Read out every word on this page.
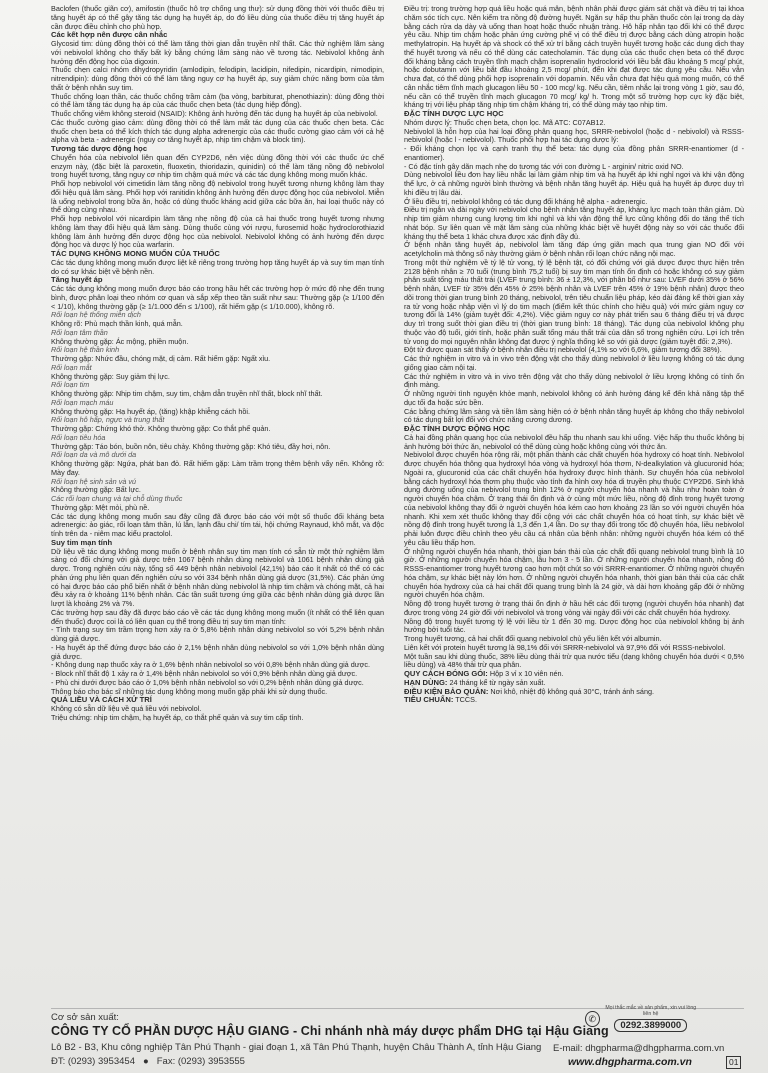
Baclofen (thuốc giãn cơ), amifostin (thuốc hỗ trợ chống ung thư): sử dụng đồng thời với thuốc điều trị tăng huyết áp có thể gây tăng tác dụng hạ huyết áp, do đó liều dùng của thuốc điều trị tăng huyết áp cần được điều chỉnh cho phù hợp.

Các kết hợp nên được cân nhắc

Glycosid tim: dùng đồng thời có thể làm tăng thời gian dẫn truyền nhĩ thất. Các thử nghiệm lâm sàng với nebivolol không cho thấy bất kỳ bằng chứng lâm sàng nào về tương tác. Nebivolol không ảnh hưởng đến động học của digoxin.

Thuốc chẹn calci nhóm dihydropyridin (amlodipin, felodipin, lacidipin, nifedipin, nicardipin, nimodipin, nitrendipin): dùng đồng thời có thể làm tăng nguy cơ hạ huyết áp, suy giảm chức năng bơm của tâm thất ở bệnh nhân suy tim.

Thuốc chống loạn thần, các thuốc chống trầm cảm (ba vòng, barbiturat, phenothiazin): dùng đồng thời có thể làm tăng tác dụng hạ áp của các thuốc chẹn beta (tác dụng hiệp đồng).

Thuốc chống viêm không steroid (NSAID): Không ảnh hưởng đến tác dụng hạ huyết áp của nebivolol.

Các thuốc cường giao cảm: dùng đồng thời có thể làm mất tác dụng của các thuốc chẹn beta. Các thuốc chẹn beta có thể kích thích tác dụng alpha adrenergic của các thuốc cường giao cảm với cả hệ alpha và beta - adrenergic (nguy cơ tăng huyết áp, nhịp tim chậm và block tim).

Tương tác dược động học

Chuyển hóa của nebivolol liên quan đến CYP2D6, nên việc dùng đồng thời với các thuốc ức chế enzym này, (đặc biệt là paroxetin, fluoxetin, thioridazin, quinidin) có thể làm tăng nồng độ nebivolol trong huyết tương, tăng nguy cơ nhịp tim chậm quá mức và các tác dụng không mong muốn khác.

Phối hợp nebivolol với cimetidin làm tăng nồng độ nebivolol trong huyết tương nhưng không làm thay đổi hiệu quả lâm sàng. Phối hợp với ranitidin không ảnh hưởng đến dược động học của nebivolol. Miễn là uống nebivolol trong bữa ăn, hoặc có dùng thuốc kháng acid giữa các bữa ăn, hai loại thuốc này có thể dùng cùng nhau.

Phối hợp nebivolol với nicardipin làm tăng nhẹ nồng độ của cả hai thuốc trong huyết tương nhưng không làm thay đổi hiệu quả lâm sàng. Dùng thuốc cùng với rượu, furosemid hoặc hydroclorothiazid không làm ảnh hưởng đến dược động học của nebivolol. Nebivolol không có ảnh hưởng đến dược động học và dược lý học của warfarin.

TÁC DỤNG KHÔNG MONG MUỐN CỦA THUỐC

Các tác dụng không mong muốn được liệt kê riêng trong trường hợp tăng huyết áp và suy tim mạn tính do có sự khác biệt về bệnh nền.

Tăng huyết áp

Các tác dụng không mong muốn được báo cáo trong hầu hết các trường hợp ở mức độ nhẹ đến trung bình, được phân loại theo nhóm cơ quan và sắp xếp theo tần suất như sau: Thường gặp (≥ 1/100 đến < 1/10), không thường gặp (≥ 1/1.000 đến ≤ 1/100), rất hiếm gặp (≤ 1/10.000), không rõ.

Rối loạn hệ thống miễn dịch

Không rõ: Phù mạch thần kinh, quá mẫn.

Rối loạn tâm thần

Không thường gặp: Ác mộng, phiền muộn.

Rối loạn hệ thần kinh

Thường gặp: Nhức đầu, chóng mặt, dị cảm. Rất hiếm gặp: Ngất xỉu.

Rối loạn mắt

Không thường gặp: Suy giảm thị lực.

Rối loạn tim

Không thường gặp: Nhịp tim chậm, suy tim, chậm dẫn truyền nhĩ thất, block nhĩ thất.

Rối loạn mạch máu

Không thường gặp: Hạ huyết áp, (tăng) khập khiễng cách hồi.

Rối loạn hô hấp, ngực và trung thất

Thường gặp: Chứng khó thở. Không thường gặp: Co thắt phế quản.

Rối loạn tiêu hóa

Thường gặp: Táo bón, buồn nôn, tiêu chảy. Không thường gặp: Khó tiêu, đầy hơi, nôn.

Rối loạn da và mô dưới da

Không thường gặp: Ngứa, phát ban đỏ. Rất hiếm gặp: Làm trầm trọng thêm bệnh vẩy nến. Không rõ: Mày đay.

Rối loạn hệ sinh sản và vú

Không thường gặp: Bất lực.

Các rối loạn chung và tại chỗ dùng thuốc

Thường gặp: Mệt mỏi, phù nề.

Các tác dụng không mong muốn sau đây cũng đã được báo cáo với một số thuốc đối kháng beta adrenergic: ảo giác, rối loạn tâm thần, lú lẫn, lạnh đầu chi/ tím tái, hội chứng Raynaud, khô mắt, và độc tính trên da - niêm mạc kiểu practolol.

Suy tim mạn tính

Dữ liệu về tác dụng không mong muốn ở bệnh nhân suy tim mạn tính có sẵn từ một thử nghiệm lâm sàng có đối chứng với giả dược trên 1067 bệnh nhân dùng nebivolol và 1061 bệnh nhân dùng giả dược. Trong nghiên cứu này, tổng số 449 bệnh nhân nebivolol (42,1%) báo cáo ít nhất có thể có các phản ứng phụ liên quan đến nghiên cứu so với 334 bệnh nhân dùng giả dược (31,5%). Các phản ứng có hại được báo cáo phổ biến nhất ở bệnh nhân dùng nebivolol là nhịp tim chậm và chóng mặt, cả hai đều xảy ra ở khoảng 11% bệnh nhân. Các tần suất tương ứng giữa các bệnh nhân dùng giả dược lần lượt là khoảng 2% và 7%.

Các trường hợp sau đây đã được báo cáo về các tác dụng không mong muốn (ít nhất có thể liên quan đến thuốc) được coi là có liên quan cụ thể trong điều trị suy tim mạn tính:

- Tình trạng suy tim trầm trọng hơn xảy ra ở 5,8% bệnh nhân dùng nebivolol so với 5,2% bệnh nhân dùng giả dược.

- Hạ huyết áp thế đứng được báo cáo ở 2,1% bệnh nhân dùng nebivolol so với 1,0% bệnh nhân dùng giả dược.

- Không dung nạp thuốc xảy ra ở 1,6% bệnh nhân nebivolol so với 0,8% bệnh nhân dùng giả dược.

- Block nhĩ thất độ 1 xảy ra ở 1,4% bệnh nhân nebivolol so với 0,9% bệnh nhân dùng giả dược.

- Phù chi dưới được báo cáo ở 1,0% bệnh nhân nebivolol so với 0,2% bệnh nhân dùng giả dược.

Thông báo cho bác sĩ những tác dụng không mong muốn gặp phải khi sử dụng thuốc.

QUÁ LIỀU VÀ CÁCH XỬ TRÍ

Không có sẵn dữ liệu về quá liều với nebivolol.

Triệu chứng: nhịp tim chậm, hạ huyết áp, co thắt phế quản và suy tim cấp tính.

Điều trị: trong trường hợp quá liều hoặc quá mẫn, bệnh nhân phải được giám sát chặt và điều trị tại khoa chăm sóc tích cực. Nên kiểm tra nồng độ đường huyết. Ngăn sự hấp thu phần thuốc còn lại trong dạ dày bằng cách rửa dạ dày và uống than hoạt hoặc thuốc nhuận tràng. Hô hấp nhân tạo đối khi có thể được yêu cầu. Nhịp tim chậm hoặc phản ứng cường phế vị có thể điều trị được bằng cách dùng atropin hoặc methylatropin. Hạ huyết áp và shock có thể xử trí bằng cách truyền huyết tương hoặc các dung dịch thay thế huyết tương và nếu có thể dùng các catecholamin. Tác dụng của các thuốc chẹn beta có thể được đối kháng bằng cách truyền tĩnh mạch chậm isoprenalin hydroclorid với liều bắt đầu khoảng 5 mcg/ phút, hoặc dobutamin với liều bắt đầu khoảng 2,5 mcg/ phút, đến khi đạt được tác dụng yêu cầu. Nếu vẫn chưa đạt, có thể dùng phối hợp isoprenalin với dopamin. Nếu vẫn chưa đạt hiệu quả mong muốn, có thể cân nhắc tiêm tĩnh mạch glucagon liều 50 - 100 mcg/ kg. Nếu cần, tiêm nhắc lại trong vòng 1 giờ, sau đó, nếu cần có thể truyền tĩnh mạch glucagon 70 mcg/ kg/ h. Trong một số trường hợp cực kỳ đặc biệt, kháng trị với liệu pháp tăng nhịp tim chậm kháng trị, có thể dùng máy tạo nhịp tim.

ĐẶC TÍNH DƯỢC LỰC HỌC

Nhóm dược lý: Thuốc chẹn beta, chọn lọc. Mã ATC: C07AB12.

Nebivolol là hỗn hợp của hai loại đồng phân quang học, SRRR-nebivolol (hoặc d - nebivolol) và RSSS-nebivolol (hoặc l - nebivolol). Thuốc phối hợp hai tác dụng dược lý:

- Đối kháng chọn lọc và cạnh tranh thụ thể beta: tác dụng của đồng phân SRRR-enantiomer (d - enantiomer).

- Có đặc tính gây dãn mạch nhẹ do tương tác với con đường L - arginin/ nitric oxid NO.

Dùng nebivolol liều đơn hay liều nhắc lại làm giảm nhịp tim và hạ huyết áp khi nghỉ ngơi và khi vận động thể lực, ở cả những người bình thường và bệnh nhân tăng huyết áp. Hiệu quả hạ huyết áp được duy trì khi điều trị lâu dài.

Ở liều điều trị, nebivolol không có tác dụng đối kháng hệ alpha - adrenergic.

Điều trị ngắn và dài ngày với nebivolol cho bệnh nhân tăng huyết áp, kháng lực mạch toàn thân giảm. Dù nhịp tim giảm nhưng cung lượng tim khi nghỉ và khi vận động thể lực cũng không đổi do tăng thể tích nhát bóp. Sự liên quan về mặt lâm sàng của những khác biệt về huyết động này so với các thuốc đối kháng thụ thể beta 1 khác chưa được xác định đầy đủ.

Ở bệnh nhân tăng huyết áp, nebivolol làm tăng đáp ứng giãn mạch qua trung gian NO đối với acetylcholin mà thông số này thường giảm ở bệnh nhân rối loạn chức năng nội mạc.

Trong một thử nghiệm về tỷ lệ tử vong, tỷ lệ bệnh tật, có đối chứng với giả dược được thực hiện trên 2128 bệnh nhân ≥ 70 tuổi (trung bình 75,2 tuổi) bị suy tim mạn tính ổn định có hoặc không có suy giảm phân suất tống máu thất trái (LVEF trung bình: 36 ± 12,3%, với phân bố như sau: LVEF dưới 35% ở 56% bệnh nhân, LVEF từ 35% đến 45% ở 25% bệnh nhân và LVEF trên 45% ở 19% bệnh nhân) được theo dõi trong thời gian trung bình 20 tháng, nebivolol, trên tiêu chuẩn liệu pháp, kéo dài đáng kể thời gian xảy ra tử vong hoặc nhập viện vì lý do tim mạch (điểm kết thúc chính cho hiệu quả) với mức giảm nguy cơ tương đối là 14% (giảm tuyệt đối: 4,2%). Việc giảm nguy cơ này phát triển sau 6 tháng điều trị và được duy trì trong suốt thời gian điều trị (thời gian trung bình: 18 tháng). Tác dụng của nebivolol không phụ thuộc vào độ tuổi, giới tính, hoặc phân suất tống máu thất trái của dân số trong nghiên cứu. Lợi ích trên tử vong do mọi nguyên nhân không đạt được ý nghĩa thống kê so với giả dược (giảm tuyệt đối: 2,3%).

Đột tử được quan sát thấy ở bệnh nhân điều trị nebivolol (4,1% so với 6,6%, giảm tương đối 38%).

Các thử nghiệm in vitro và in vivo trên động vật cho thấy dùng nebivolol ở liều lượng không có tác dụng giống giao cảm nội tại.

Các thử nghiệm in vitro và in vivo trên động vật cho thấy dùng nebivolol ở liều lượng không có tính ổn định màng.

Ở những người tình nguyện khỏe mạnh, nebivolol không có ảnh hưởng đáng kể đến khả năng tập thể dục tối đa hoặc sức bền.

Các bằng chứng lâm sàng và tiền lâm sàng hiện có ở bệnh nhân tăng huyết áp không cho thấy nebivolol có tác dụng bất lợi đối với chức năng cương dương.

ĐẶC TÍNH DƯỢC ĐỘNG HỌC

Cả hai đồng phân quang học của nebivolol đều hấp thu nhanh sau khi uống. Việc hấp thu thuốc không bị ảnh hưởng bởi thức ăn, nebivolol có thể dùng cùng hoặc không cùng với thức ăn.

Nebivolol được chuyển hóa rộng rãi, một phần thành các chất chuyển hóa hydroxy có hoạt tính. Nebivolol được chuyển hóa thông qua hydroxyl hóa vòng và hydroxyl hóa thơm, N-dealkylation và glucuronid hóa; Ngoài ra, glucuronid của các chất chuyển hóa hydroxy được hình thành. Sự chuyển hóa của nebivolol bằng cách hydroxyl hóa thơm phụ thuộc vào tính đa hình oxy hóa di truyền phụ thuộc CYP2D6. Sinh khả dụng đường uống của nebivolol trung bình 12% ở người chuyển hóa nhanh và hầu như hoàn toàn ở người chuyển hóa chậm. Ở trạng thái ổn định và ở cùng một mức liều, nồng độ đỉnh trong huyết tương của nebivolol không thay đổi ở người chuyển hóa kém cao hơn khoảng 23 lần so với người chuyển hóa nhanh. Khi xem xét thuốc không thay đổi cộng với các chất chuyển hóa có hoạt tính, sự khác biệt về nồng độ đỉnh trong huyết tương là 1,3 đến 1,4 lần. Do sự thay đổi trong tốc độ chuyển hóa, liều nebivolol phải luôn được điều chỉnh theo yêu cầu cá nhân của bệnh nhân: những người chuyển hóa kém có thể yêu cầu liều thấp hơn.

Ở những người chuyển hóa nhanh, thời gian bán thải của các chất đối quang nebivolol trung bình là 10 giờ. Ở những người chuyển hóa chậm, lâu hơn 3 - 5 lần. Ở những người chuyển hóa nhanh, nồng độ RSSS-enantiomer trong huyết tương cao hơn một chút so với SRRR-enantiomer. Ở những người chuyển hóa chậm, sự khác biệt này lớn hơn. Ở những người chuyển hóa nhanh, thời gian bán thải của các chất chuyển hóa hydroxy của cả hai chất đối quang trung bình là 24 giờ, và dài hơn khoảng gấp đôi ở những người chuyển hóa chậm.

Nồng độ trong huyết tương ở trạng thái ổn định ở hầu hết các đối tượng (người chuyển hóa nhanh) đạt được trong vòng 24 giờ đối với nebivolol và trong vòng vài ngày đối với các chất chuyển hóa hydroxy.

Nồng độ trong huyết tương tỷ lệ với liều từ 1 đến 30 mg. Dược động học của nebivolol không bị ảnh hưởng bởi tuổi tác.

Trong huyết tương, cả hai chất đối quang nebivolol chủ yếu liên kết với albumin.

Liên kết với protein huyết tương là 98,1% đối với SRRR-nebivolol và 97,9% đối với RSSS-nebivolol.

Một tuần sau khi dùng thuốc, 38% liều dùng thải trừ qua nước tiểu (dạng không chuyển hóa dưới < 0,5% liều dùng) và 48% thải trừ qua phân.

QUY CÁCH ĐÓNG GÓI: Hộp 3 vỉ x 10 viên nén.

HẠN DÙNG: 24 tháng kể từ ngày sản xuất.

ĐIỀU KIỆN BẢO QUẢN: Nơi khô, nhiệt độ không quá 30°C, tránh ánh sáng.

TIÊU CHUẨN: TCCS.

Cơ sở sản xuất:
CÔNG TY CỔ PHẦN DƯỢC HẬU GIANG - Chi nhánh nhà máy dược phẩm DHG tại Hậu Giang
Lô B2 - B3, Khu công nghiệp Tân Phú Thạnh - giai đoạn 1, xã Tân Phú Thạnh, huyện Châu Thành A, tỉnh Hậu Giang
ĐT: (0293) 3953454 ● Fax: (0293) 3953555
✆
Mọi thắc mắc về sản phẩm, xin vui lòng liên hệ
0292.3899000
E-mail: dhgpharma@dhgpharma.com.vn
www.dhgpharma.com.vn	01
